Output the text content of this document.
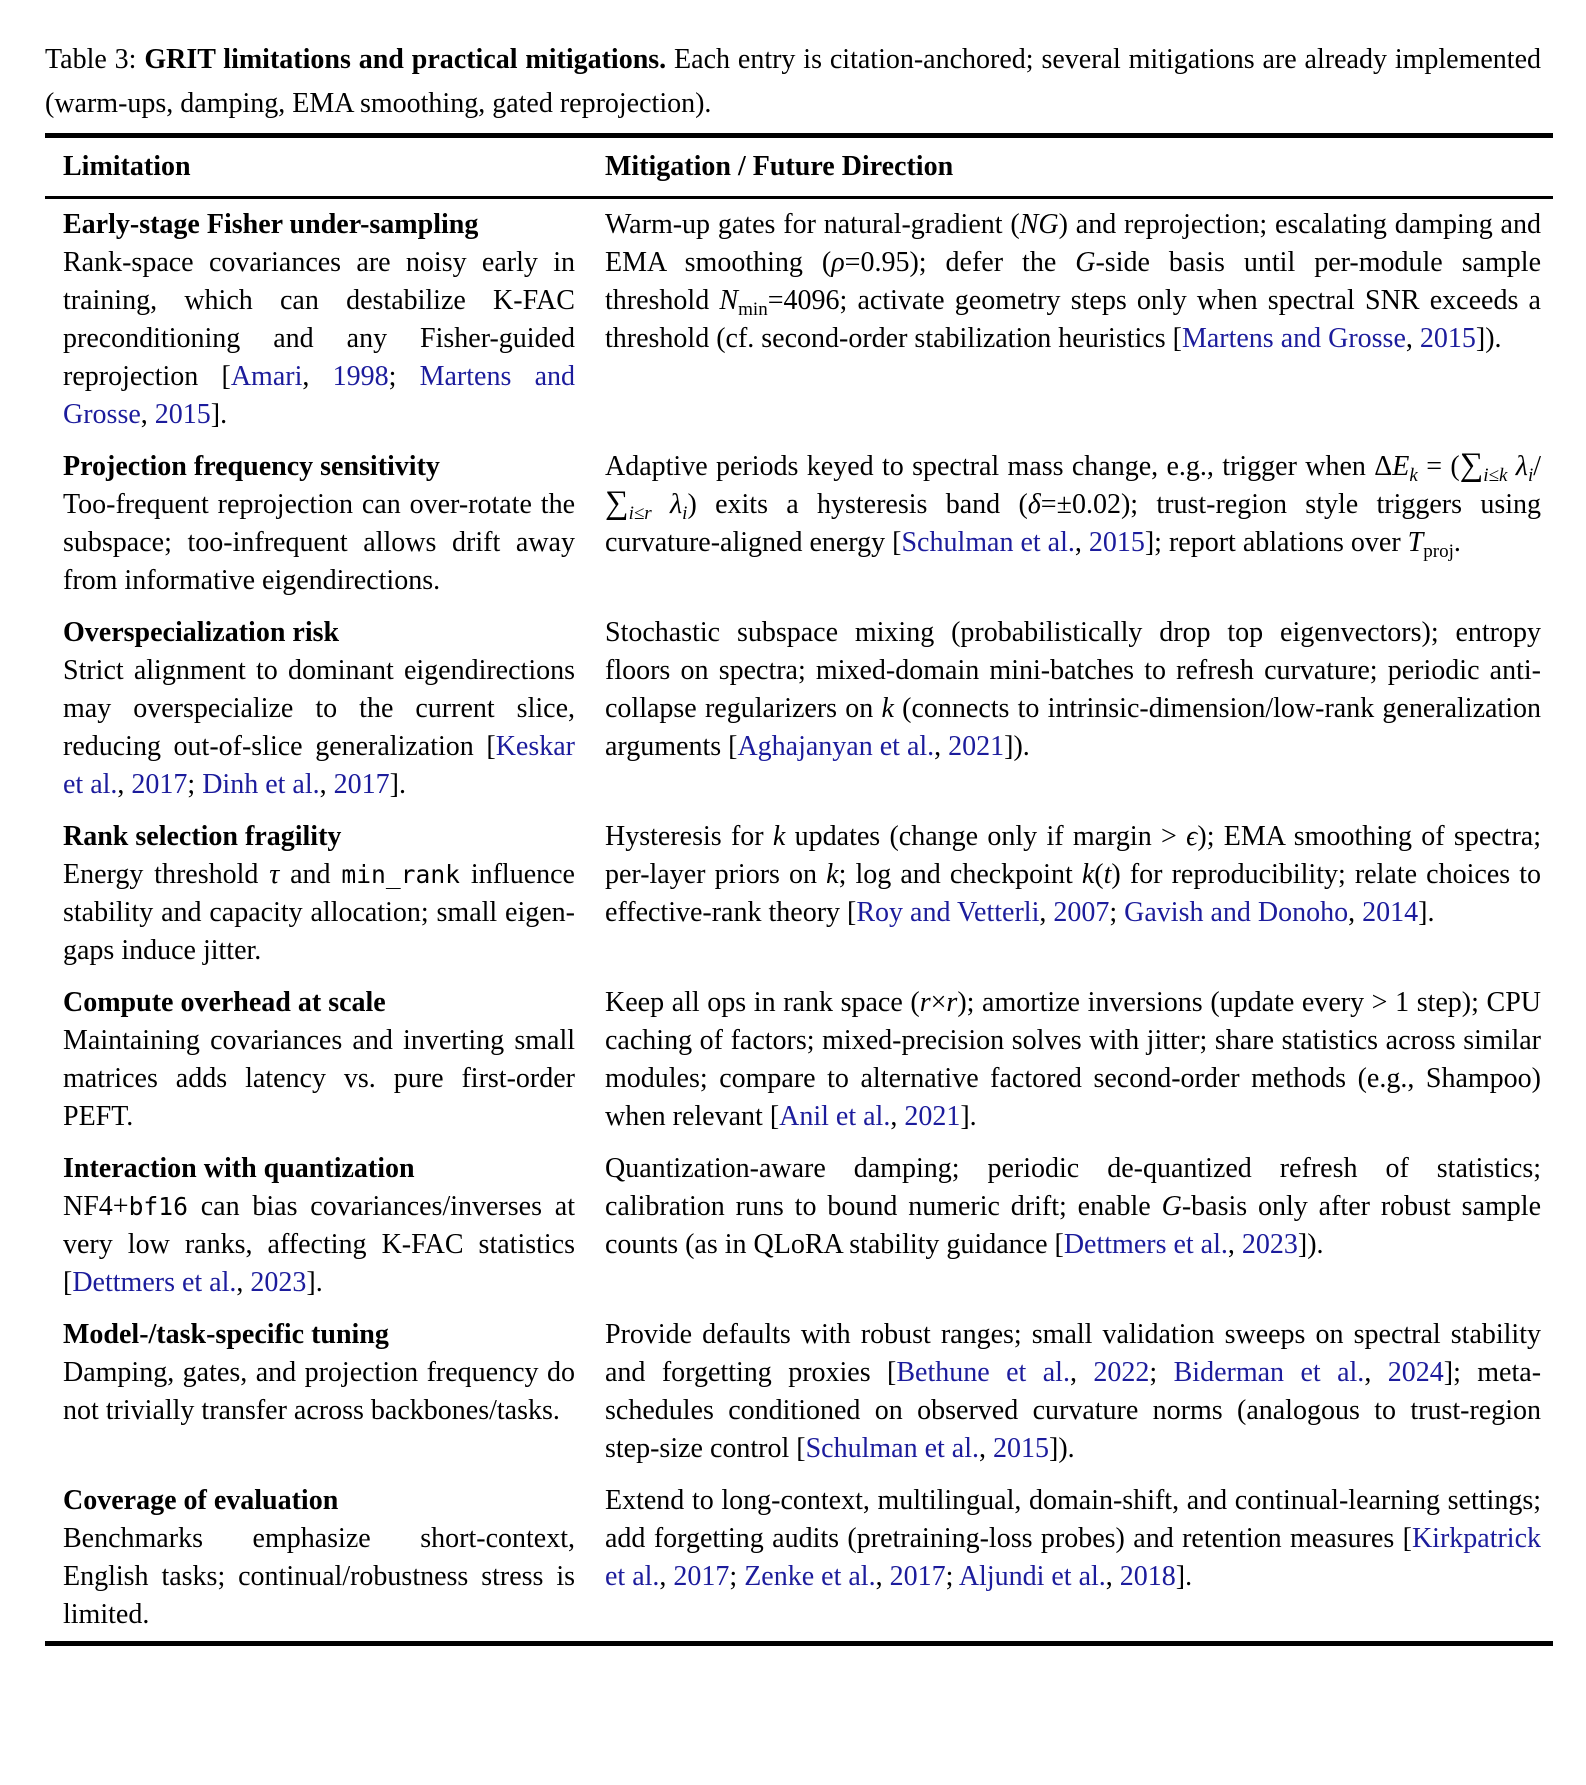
Table 3: GRIT limitations and practical mitigations. Each entry is citation-anchored; several mitigations are already implemented (warm-ups, damping, EMA smoothing, gated reprojection).

Limitation	Mitigation / Future Direction
Early-stage Fisher under-sampling
Rank-space covariances are noisy early in training, which can destabilize K-FAC preconditioning and any Fisher-guided reprojection [Amari, 1998; Martens and Grosse, 2015].
Warm-up gates for natural-gradient (NG) and reprojection; escalating damping and EMA smoothing (ρ=0.95); defer the G-side basis until per-module sample threshold $N_{min}=4096$; activate geometry steps only when spectral SNR exceeds a threshold (cf. second-order stabilization heuristics [Martens and Grosse, 2015]).
Projection frequency sensitivity
Too-frequent reprojection can over-rotate the subspace; too-infrequent allows drift away from informative eigendirections.
Adaptive periods keyed to spectral mass change, e.g., trigger when $\Delta E_k = (\sum_{i\le k}$ $\lambda_i/\sum_{i\le r}$ $\lambda_i$) exits a hysteresis band (δ=±0.02); trust-region style triggers using curvature-aligned energy [Schulman et al., 2015]; report ablations over $T_{proj}$.
Overspecialization risk
Strict alignment to dominant eigendirections may overspecialize to the current slice, reducing out-of-slice generalization [Keskar et al., 2017; Dinh et al., 2017].
Stochastic subspace mixing (probabilistically drop top eigenvectors); entropy floors on spectra; mixed-domain mini-batches to refresh curvature; periodic anti-collapse regularizers on k (connects to intrinsic-dimension/low-rank generalization arguments [Aghajanyan et al., 2021]).
Rank selection fragility
Energy threshold τ and min_rank influence stability and capacity allocation; small eigen-gaps induce jitter.
Hysteresis for k updates (change only if margin > ϵ); EMA smoothing of spectra; per-layer priors on k; log and checkpoint k(t) for reproducibility; relate choices to effective-rank theory [Roy and Vetterli, 2007; Gavish and Donoho, 2014].
Compute overhead at scale
Maintaining covariances and inverting small matrices adds latency vs. pure first-order PEFT.
Keep all ops in rank space (r×r); amortize inversions (update every > 1 step); CPU caching of factors; mixed-precision solves with jitter; share statistics across similar modules; compare to alternative factored second-order methods (e.g., Shampoo) when relevant [Anil et al., 2021].
Interaction with quantization
NF4+bf16 can bias covariances/inverses at very low ranks, affecting K-FAC statistics [Dettmers et al., 2023].
Quantization-aware damping; periodic de-quantized refresh of statistics; calibration runs to bound numeric drift; enable G-basis only after robust sample counts (as in QLoRA stability guidance [Dettmers et al., 2023]).
Model-/task-specific tuning
Damping, gates, and projection frequency do not trivially transfer across backbones/tasks.
Provide defaults with robust ranges; small validation sweeps on spectral stability and forgetting proxies [Bethune et al., 2022; Biderman et al., 2024]; meta-schedules conditioned on observed curvature norms (analogous to trust-region step-size control [Schulman et al., 2015]).
Coverage of evaluation
Benchmarks emphasize short-context, English tasks; continual/robustness stress is limited.
Extend to long-context, multilingual, domain-shift, and continual-learning settings; add forgetting audits (pretraining-loss probes) and retention measures [Kirkpatrick et al., 2017; Zenke et al., 2017; Aljundi et al., 2018].
